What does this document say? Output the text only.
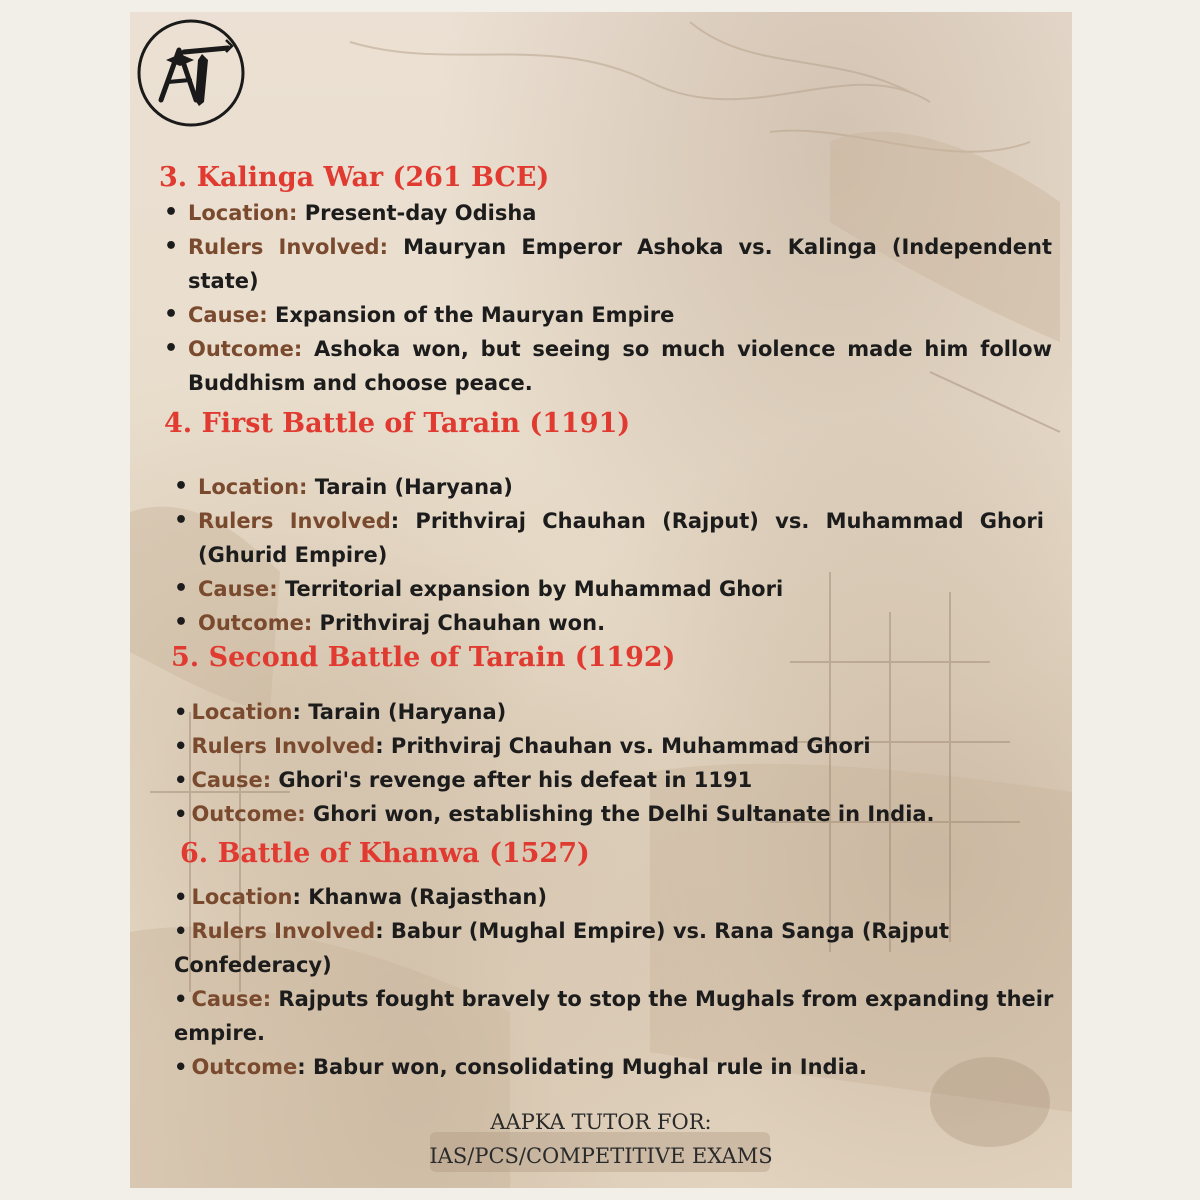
3. Kalinga War (261 BCE)
• Location: Present-day Odisha
• Rulers Involved: Mauryan Emperor Ashoka vs. Kalinga (Independent state)
• Cause: Expansion of the Mauryan Empire
• Outcome: Ashoka won, but seeing so much violence made him follow Buddhism and choose peace.
4. First Battle of Tarain (1191)
• Location: Tarain (Haryana)
• Rulers Involved: Prithviraj Chauhan (Rajput) vs. Muhammad Ghori (Ghurid Empire)
• Cause: Territorial expansion by Muhammad Ghori
• Outcome: Prithviraj Chauhan won.
5. Second Battle of Tarain (1192)
• Location: Tarain (Haryana)
• Rulers Involved: Prithviraj Chauhan vs. Muhammad Ghori
• Cause: Ghori's revenge after his defeat in 1191
• Outcome: Ghori won, establishing the Delhi Sultanate in India.
6. Battle of Khanwa (1527)
• Location: Khanwa (Rajasthan)
• Rulers Involved: Babur (Mughal Empire) vs. Rana Sanga (Rajput Confederacy)
• Cause: Rajputs fought bravely to stop the Mughals from expanding their empire.
• Outcome: Babur won, consolidating Mughal rule in India.
AAPKA TUTOR FOR:
IAS/PCS/COMPETITIVE EXAMS
